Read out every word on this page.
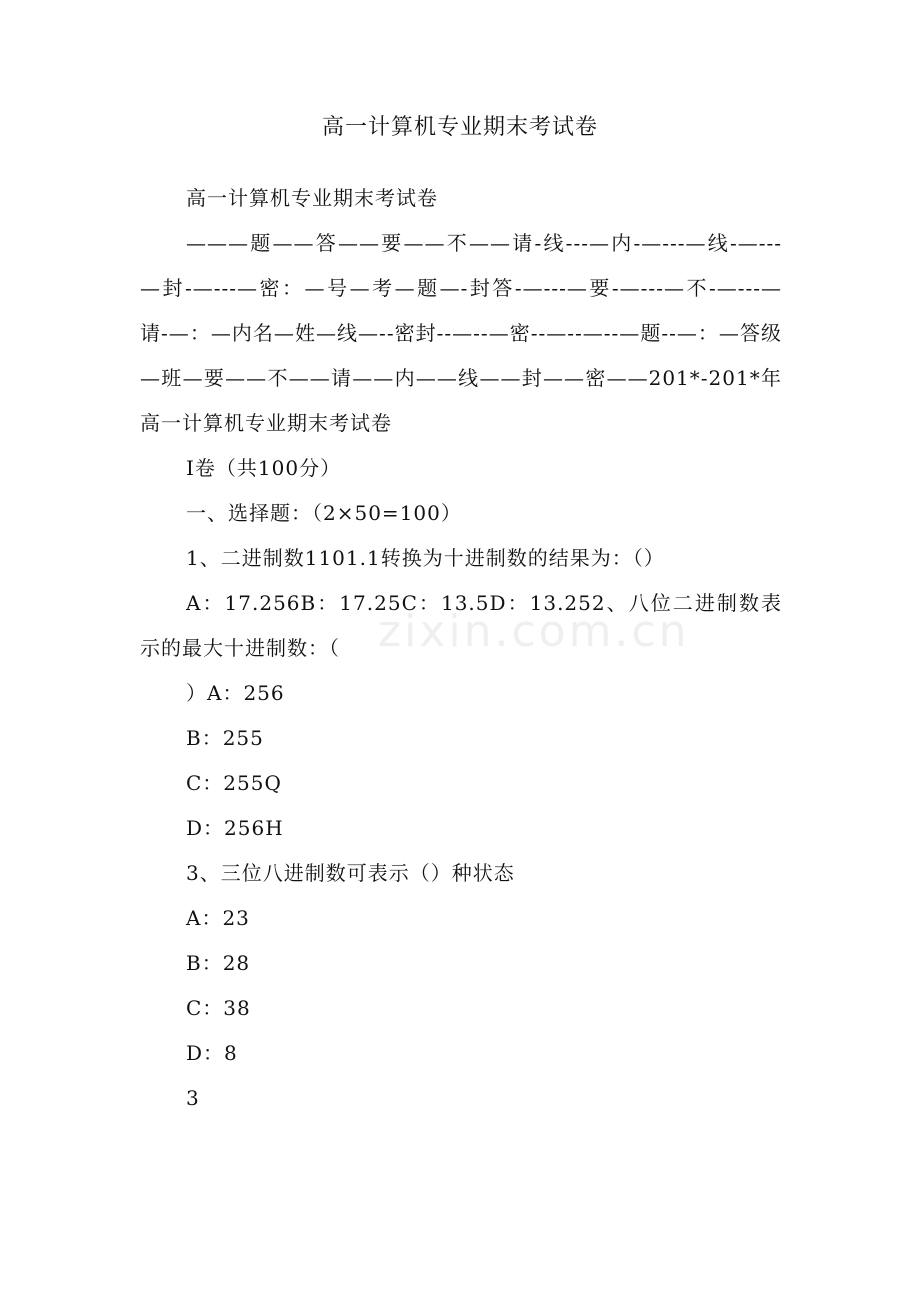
高一计算机专业期末考试卷

高一计算机专业期末考试卷

———题——答——要——不——请-线---—内-—---—线-—---—封-—---—密：—号—考—题—-封答-—---—要-—---—不-—---—请-—：—内名—姓—线—--密封--—--—密--—--—--—题--—：—答级—班—要——不——请——内——线——封——密——201*-201*年高一计算机专业期末考试卷

Ⅰ卷（共100分）

一、选择题：（2×50=100）

1、二进制数1101.1转换为十进制数的结果为：（）

A：17.256B：17.25C：13.5D：13.252、八位二进制数表示的最大十进制数：（

）A：256

B：255

C：255Q

D：256H

3、三位八进制数可表示（）种状态

A：23

B：28

C：38

D：8

3

zixin.com.cn
